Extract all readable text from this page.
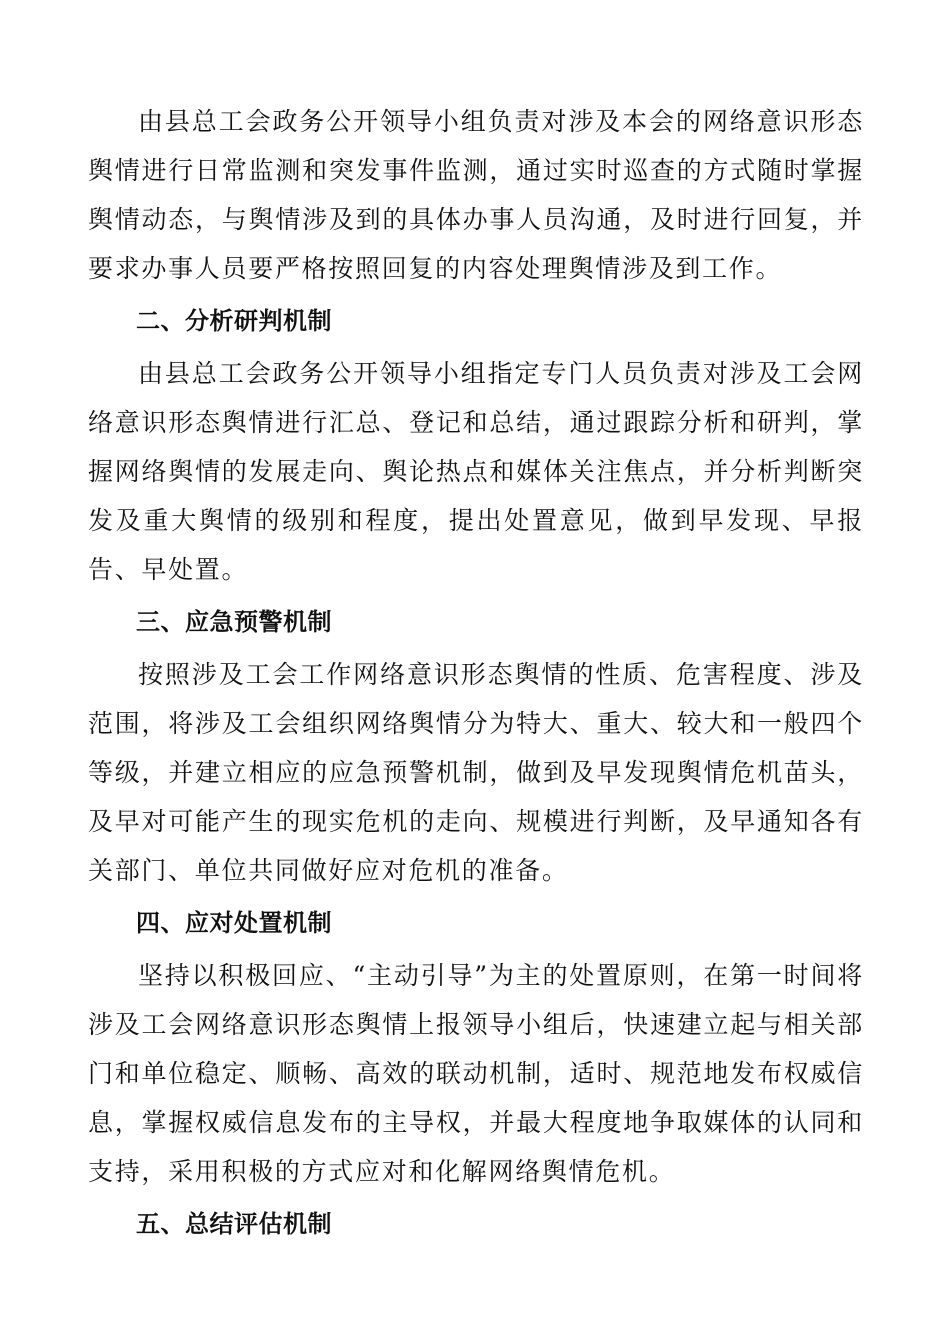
由县总工会政务公开领导小组负责对涉及本会的网络意识形态舆情进行日常监测和突发事件监测，通过实时巡查的方式随时掌握舆情动态，与舆情涉及到的具体办事人员沟通，及时进行回复，并要求办事人员要严格按照回复的内容处理舆情涉及到工作。

二、分析研判机制

由县总工会政务公开领导小组指定专门人员负责对涉及工会网络意识形态舆情进行汇总、登记和总结，通过跟踪分析和研判，掌握网络舆情的发展走向、舆论热点和媒体关注焦点，并分析判断突发及重大舆情的级别和程度，提出处置意见，做到早发现、早报告、早处置。

三、应急预警机制

按照涉及工会工作网络意识形态舆情的性质、危害程度、涉及范围，将涉及工会组织网络舆情分为特大、重大、较大和一般四个等级，并建立相应的应急预警机制，做到及早发现舆情危机苗头，及早对可能产生的现实危机的走向、规模进行判断，及早通知各有关部门、单位共同做好应对危机的准备。

四、应对处置机制

坚持以积极回应、“主动引导”为主的处置原则，在第一时间将涉及工会网络意识形态舆情上报领导小组后，快速建立起与相关部门和单位稳定、顺畅、高效的联动机制，适时、规范地发布权威信息，掌握权威信息发布的主导权，并最大程度地争取媒体的认同和支持，采用积极的方式应对和化解网络舆情危机。

五、总结评估机制
